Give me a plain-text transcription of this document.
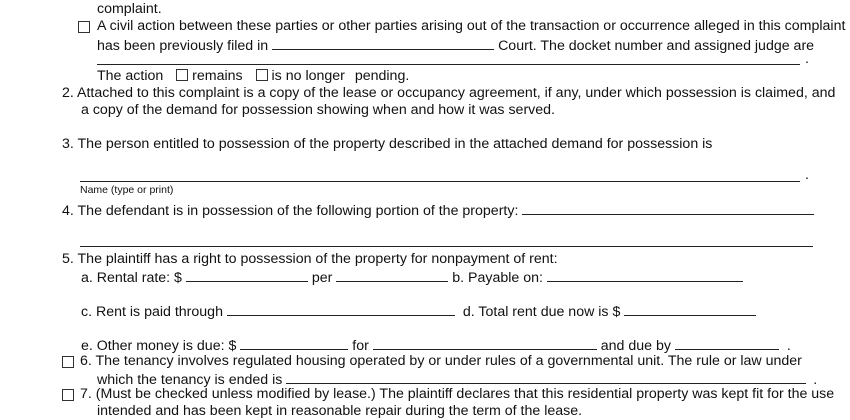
complaint.
A civil action between these parties or other parties arising out of the transaction or occurrence alleged in this complaint
has been previously filed in	Court. The docket number and assigned judge are
.
The action remains is no longer pending.
2. Attached to this complaint is a copy of the lease or occupancy agreement, if any, under which possession is claimed, and
a copy of the demand for possession showing when and how it was served.
3. The person entitled to possession of the property described in the attached demand for possession is
.
Name (type or print)
4. The defendant is in possession of the following portion of the property:
5. The plaintiff has a right to possession of the property for nonpayment of rent:
a. Rental rate: $	per	b. Payable on:
c. Rent is paid through	d. Total rent due now is $
e. Other money is due: $	for	and due by	.
6. The tenancy involves regulated housing operated by or under rules of a governmental unit. The rule or law under
which the tenancy is ended is	.
7. (Must be checked unless modified by lease.) The plaintiff declares that this residential property was kept fit for the use
intended and has been kept in reasonable repair during the term of the lease.
